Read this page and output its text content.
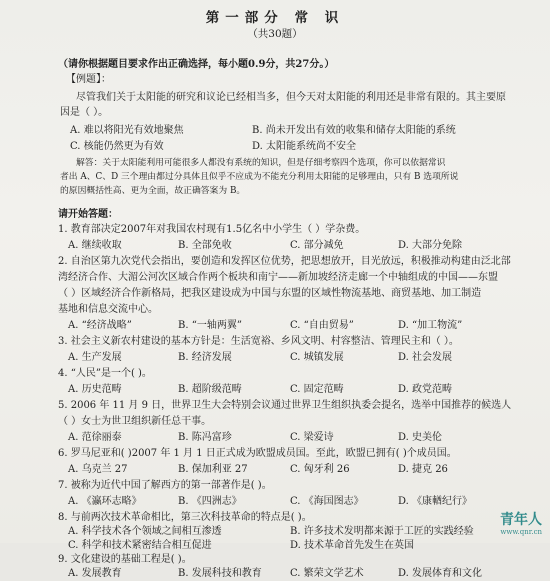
第一部分 常 识
（共30题）
（请你根据题目要求作出正确选择，每小题0.9分，共27分。）
【例题】：
尽管我们关于太阳能的研究和议论已经相当多，但今天对太阳能的利用还是非常有限的。其主要原
因是（ ）。
A. 难以将阳光有效地聚焦	B. 尚未开发出有效的收集和储存太阳能的系统
C. 核能仍然更为有效	D. 太阳能系统尚不安全
解答：关于太阳能利用可能很多人都没有系统的知识，但是仔细考察四个选项，你可以依据常识
者出 A、C、D 三个理由都过分具体且似乎不应成为不能充分利用太阳能的足够理由，只有 B 选项所说
的原因概括性高、更为全面，故正确答案为 B。
请开始答题：
1. 教育部决定2007年对我国农村现有1.5亿名中小学生（ ）学杂费。
A. 继续收取	B. 全部免收	C. 部分减免	D. 大部分免除
2. 自治区第九次党代会指出，要创造和发挥区位优势，把思想放开，目光放远，积极推动构建由泛北部
湾经济合作、大湄公河次区域合作两个板块和南宁——新加坡经济走廊一个中轴组成的中国——东盟
（ ）区域经济合作新格局，把我区建设成为中国与东盟的区域性物流基地、商贸基地、加工制造
基地和信息交流中心。
A. “经济战略”	B. “一轴两翼”	C. “自由贸易”	D. “加工物流”
3. 社会主义新农村建设的基本方针是：生活宽裕、乡风文明、村容整洁、管理民主和（ ）。
A. 生产发展	B. 经济发展	C. 城镇发展	D. 社会发展
4. “人民”是一个( )。
A. 历史范畴	B. 超阶级范畴	C. 固定范畴	D. 政党范畴
5. 2006 年 11 月 9 日，世界卫生大会特别会议通过世界卫生组织执委会提名，选举中国推荐的候选人
（ ）女士为世卫组织新任总干事。
A. 范徐丽泰	B. 陈冯富珍	C. 梁爱诗	D. 史美伦
6. 罗马尼亚和( )2007 年 1 月 1 日正式成为欧盟成员国。至此，欧盟已拥有( )个成员国。
A. 乌克兰 27	B. 保加利亚 27	C. 匈牙利 26	D. 捷克 26
7. 被称为近代中国了解西方的第一部著作是( )。
A. 《瀛环志略》	B. 《四洲志》	C. 《海国图志》	D. 《康輶纪行》
8. 与前两次技术革命相比，第三次科技革命的特点是( )。
A. 科学技术各个领域之间相互渗透	B. 许多技术发明都来源于工匠的实践经验
C. 科学和技术紧密结合相互促进	D. 技术革命首先发生在英国
9. 文化建设的基础工程是( )。
A. 发展教育	B. 发展科技和教育	C. 繁荣文学艺术	D. 发展体育和文化
青年人
www.qnr.cn
